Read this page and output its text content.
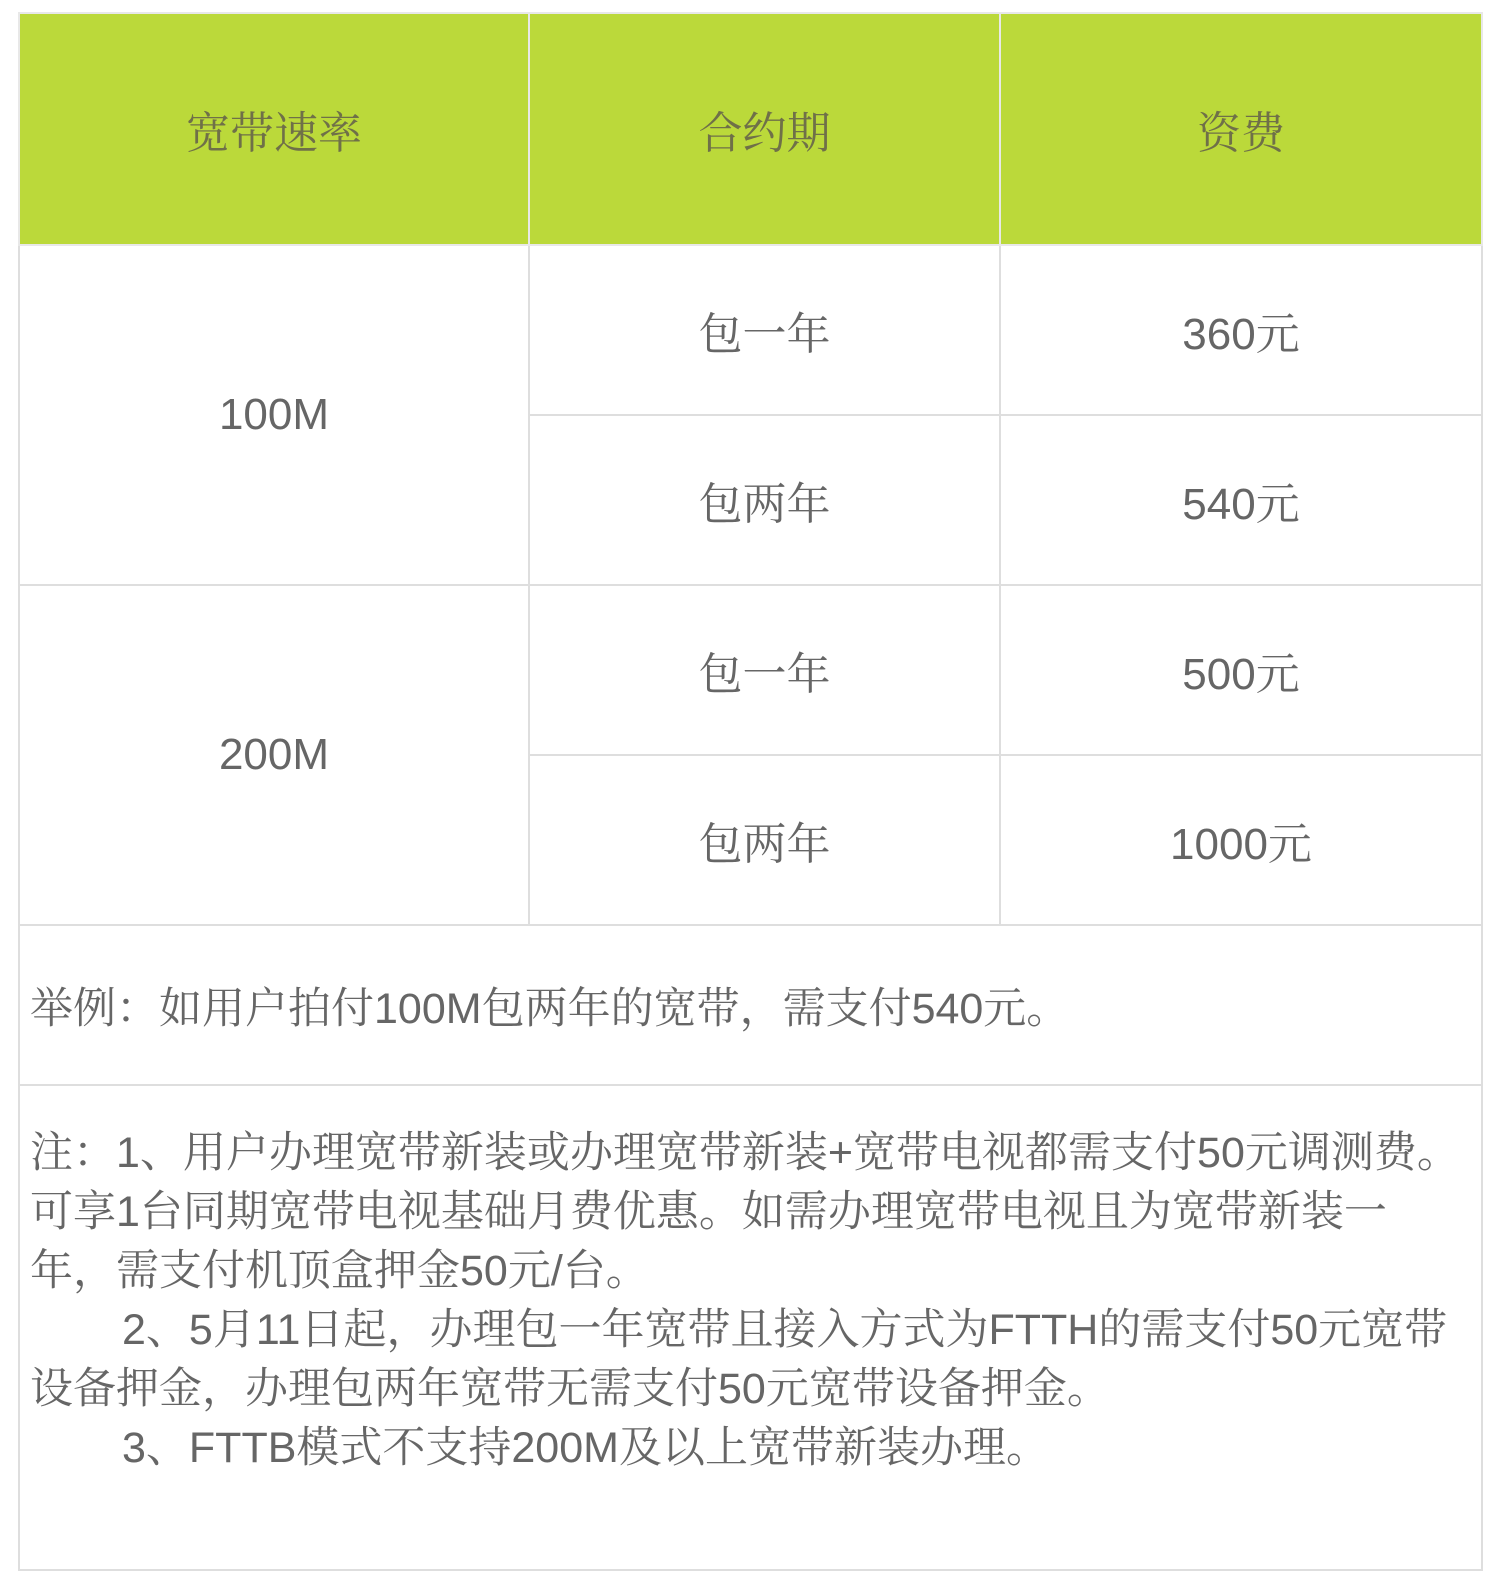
宽带速率	合约期	资费
100M	包一年	360元
	包两年	540元
200M	包一年	500元
	包两年	1000元
举例：如用户拍付100M包两年的宽带，需支付540元。		

注：1、用户办理宽带新装或办理宽带新装+宽带电视都需支付50元调测费。可享1台同期宽带电视基础月费优惠。如需办理宽带电视且为宽带新装一年，需支付机顶盒押金50元/台。
2、5月11日起，办理包一年宽带且接入方式为FTTH的需支付50元宽带设备押金，办理包两年宽带无需支付50元宽带设备押金。
3、FTTB模式不支持200M及以上宽带新装办理。		
